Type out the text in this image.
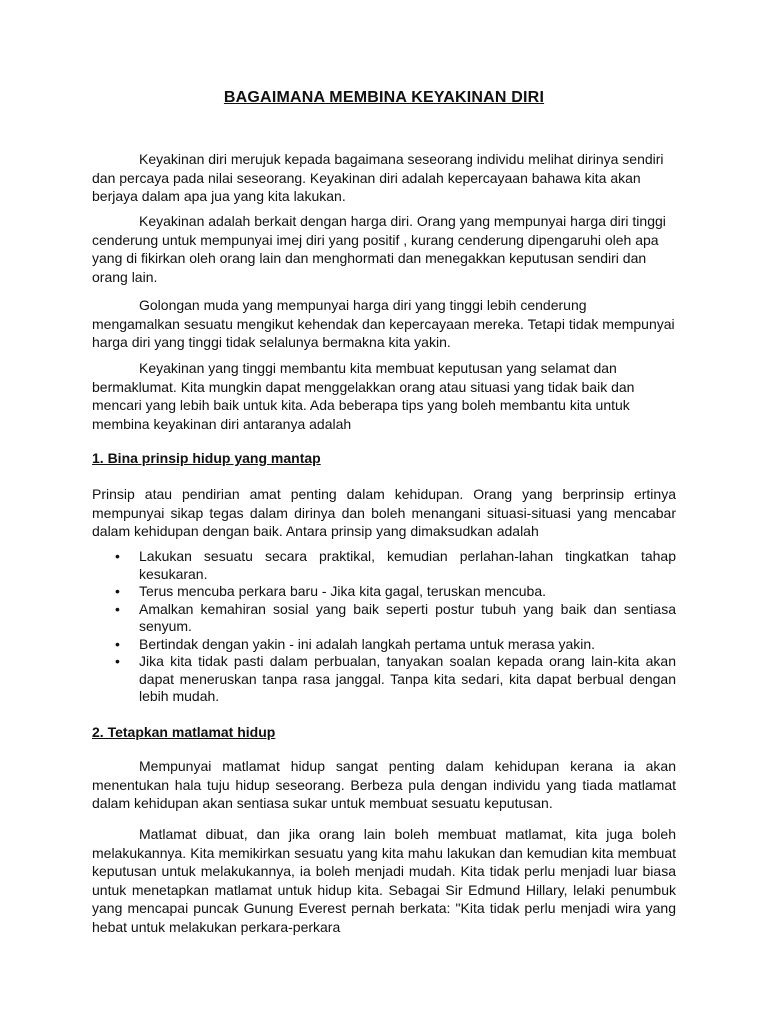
BAGAIMANA MEMBINA KEYAKINAN DIRI

Keyakinan diri merujuk kepada bagaimana seseorang individu melihat dirinya sendiri dan percaya pada nilai seseorang. Keyakinan diri adalah kepercayaan bahawa kita akan berjaya dalam apa jua yang kita lakukan.

Keyakinan adalah berkait dengan harga diri. Orang yang mempunyai harga diri tinggi cenderung untuk mempunyai imej diri yang positif , kurang cenderung dipengaruhi oleh apa yang di fikirkan oleh orang lain dan menghormati dan menegakkan keputusan sendiri dan orang lain.

Golongan muda yang mempunyai harga diri yang tinggi lebih cenderung mengamalkan sesuatu mengikut kehendak dan kepercayaan mereka. Tetapi tidak mempunyai harga diri yang tinggi tidak selalunya bermakna kita yakin.

Keyakinan yang tinggi membantu kita membuat keputusan yang selamat dan bermaklumat. Kita mungkin dapat menggelakkan orang atau situasi yang tidak baik dan mencari yang lebih baik untuk kita. Ada beberapa tips yang boleh membantu kita untuk membina keyakinan diri antaranya adalah

1. Bina prinsip hidup yang mantap

Prinsip atau pendirian amat penting dalam kehidupan. Orang yang berprinsip ertinya mempunyai sikap tegas dalam dirinya dan boleh menangani situasi-situasi yang mencabar dalam kehidupan dengan baik. Antara prinsip yang dimaksudkan adalah

• Lakukan sesuatu secara praktikal, kemudian perlahan-lahan tingkatkan tahap kesukaran.
• Terus mencuba perkara baru - Jika kita gagal, teruskan mencuba.
• Amalkan kemahiran sosial yang baik seperti postur tubuh yang baik dan sentiasa senyum.
• Bertindak dengan yakin - ini adalah langkah pertama untuk merasa yakin.
• Jika kita tidak pasti dalam perbualan, tanyakan soalan kepada orang lain-kita akan dapat meneruskan tanpa rasa janggal. Tanpa kita sedari, kita dapat berbual dengan lebih mudah.
2. Tetapkan matlamat hidup

Mempunyai matlamat hidup sangat penting dalam kehidupan kerana ia akan menentukan hala tuju hidup seseorang. Berbeza pula dengan individu yang tiada matlamat dalam kehidupan akan sentiasa sukar untuk membuat sesuatu keputusan.

Matlamat dibuat, dan jika orang lain boleh membuat matlamat, kita juga boleh melakukannya. Kita memikirkan sesuatu yang kita mahu lakukan dan kemudian kita membuat keputusan untuk melakukannya, ia boleh menjadi mudah. Kita tidak perlu menjadi luar biasa untuk menetapkan matlamat untuk hidup kita. Sebagai Sir Edmund Hillary, lelaki penumbuk yang mencapai puncak Gunung Everest pernah berkata: "Kita tidak perlu menjadi wira yang hebat untuk melakukan perkara-perkara
